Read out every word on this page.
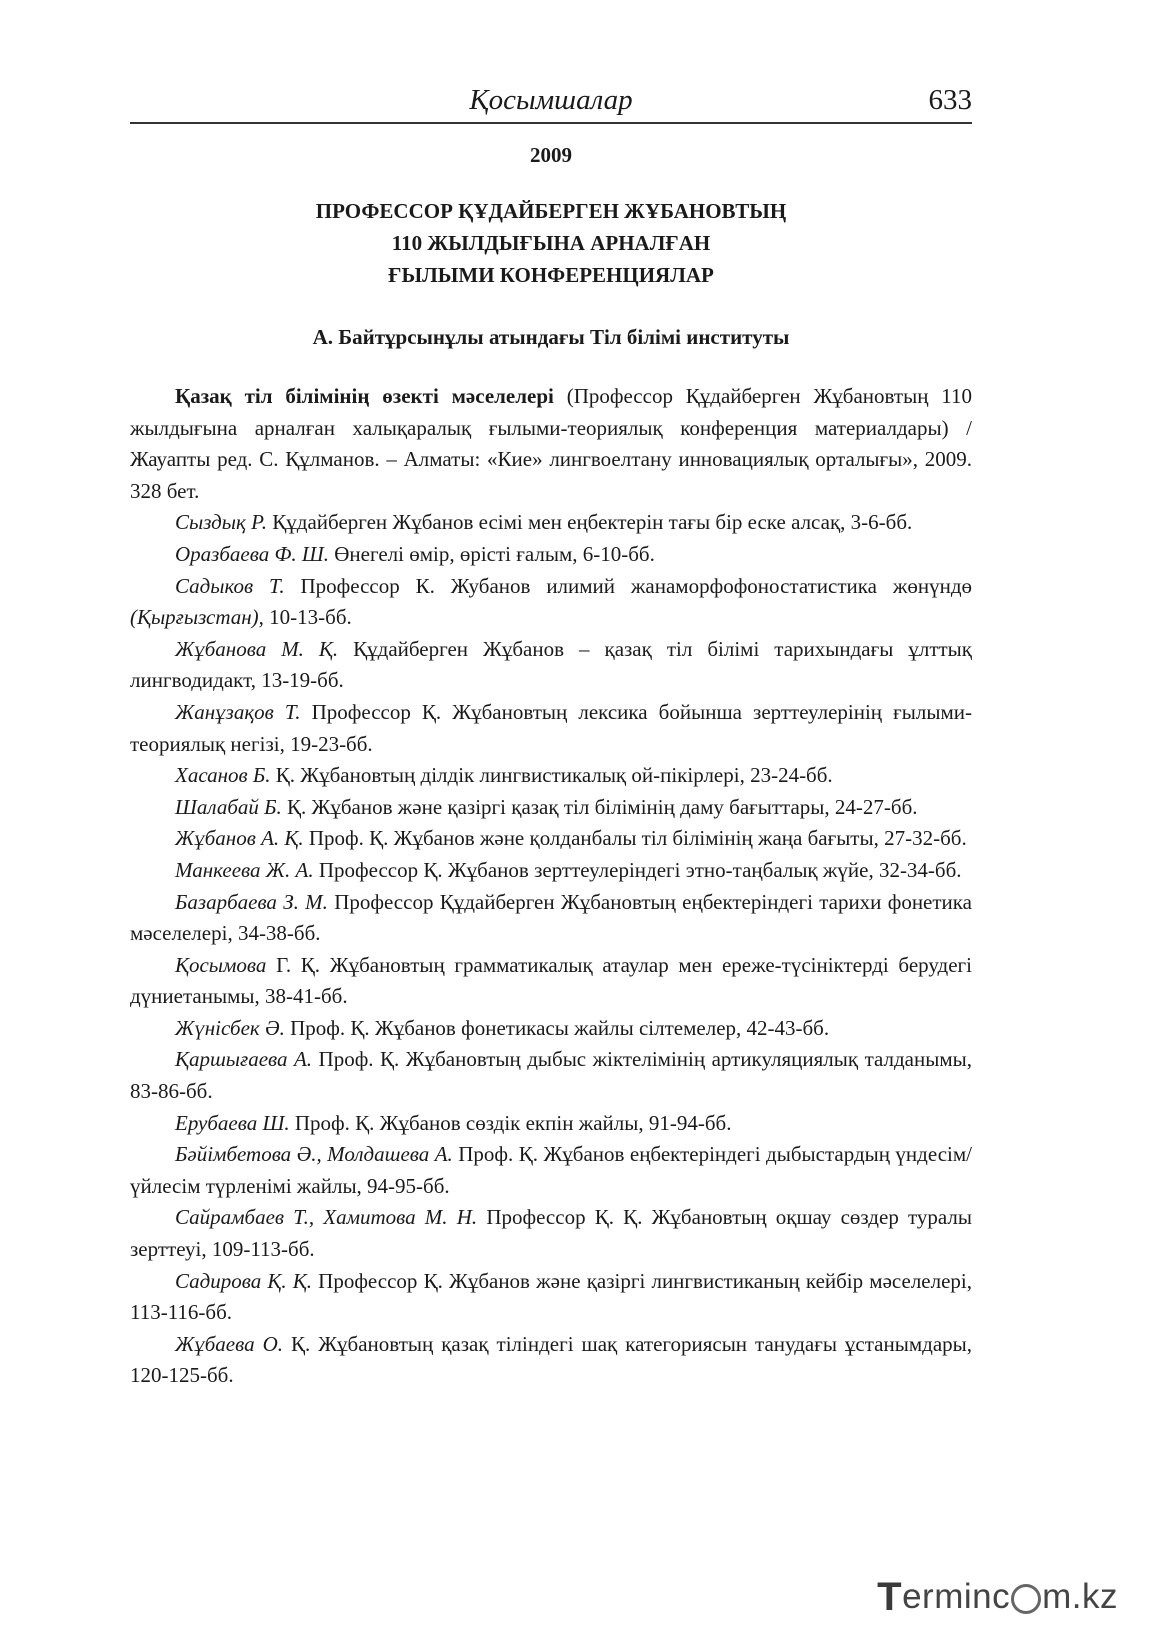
Қосымшалар	633
2009
ПРОФЕССОР ҚҰДАЙБЕРГЕН ЖҰБАНОВТЫҢ
110 ЖЫЛДЫҒЫНА АРНАЛҒАН
ҒЫЛЫМИ КОНФЕРЕНЦИЯЛАР
А. Байтұрсынұлы атындағы Тіл білімі институты

Қазақ тіл білімінің өзекті мәселелері (Профессор Құдайберген Жұбановтың 110 жылдығына арналған халықаралық ғылыми-теориялық конференция материалдары) / Жауапты ред. С. Құлманов. – Алматы: «Кие» лингвоелтану инновациялық орталығы», 2009. 328 бет.

Сыздық Р. Құдайберген Жұбанов есімі мен еңбектерін тағы бір еске алсақ, 3-6-бб.

Оразбаева Ф. Ш. Өнегелі өмір, өрісті ғалым, 6-10-бб.

Садыков Т. Профессор К. Жубанов илимий жанаморфофоностатистика жөнүндө (Қырғызстан), 10-13-бб.

Жұбанова М. Қ. Құдайберген Жұбанов – қазақ тіл білімі тарихындағы ұлттық лингводидакт, 13-19-бб.

Жанұзақов Т. Профессор Қ. Жұбановтың лексика бойынша зерттеулерінің ғылыми-теориялық негізі, 19-23-бб.

Хасанов Б. Қ. Жұбановтың ділдік лингвистикалық ой-пікірлері, 23-24-бб.

Шалабай Б. Қ. Жұбанов және қазіргі қазақ тіл білімінің даму бағыттары, 24-27-бб.

Жұбанов А. Қ. Проф. Қ. Жұбанов және қолданбалы тіл білімінің жаңа бағыты, 27-32-бб.

Манкеева Ж. А. Профессор Қ. Жұбанов зерттеулеріндегі этно-таңбалық жүйе, 32-34-бб.

Базарбаева З. М. Профессор Құдайберген Жұбановтың еңбектеріндегі тарихи фонетика мәселелері, 34-38-бб.

Қосымова Г. Қ. Жұбановтың грамматикалық атаулар мен ереже-түсініктерді берудегі дүниетанымы, 38-41-бб.

Жүнісбек Ә. Проф. Қ. Жұбанов фонетикасы жайлы сілтемелер, 42-43-бб.

Қаршығаева А. Проф. Қ. Жұбановтың дыбыс жіктелімінің артикуляциялық талданымы, 83-86-бб.

Ерубаева Ш. Проф. Қ. Жұбанов сөздік екпін жайлы, 91-94-бб.

Бәйімбетова Ә., Молдашева А. Проф. Қ. Жұбанов еңбектеріндегі дыбыстардың үндесім/үйлесім түрленімі жайлы, 94-95-бб.

Сайрамбаев Т., Хамитова М. Н. Профессор Қ. Қ. Жұбановтың оқшау сөздер туралы зерттеуі, 109-113-бб.

Садирова Қ. Қ. Профессор Қ. Жұбанов және қазіргі лингвистиканың кейбір мәселелері, 113-116-бб.

Жұбаева О. Қ. Жұбановтың қазақ тіліндегі шақ категориясын танудағы ұстанымдары, 120-125-бб.

T erminc m.kz
